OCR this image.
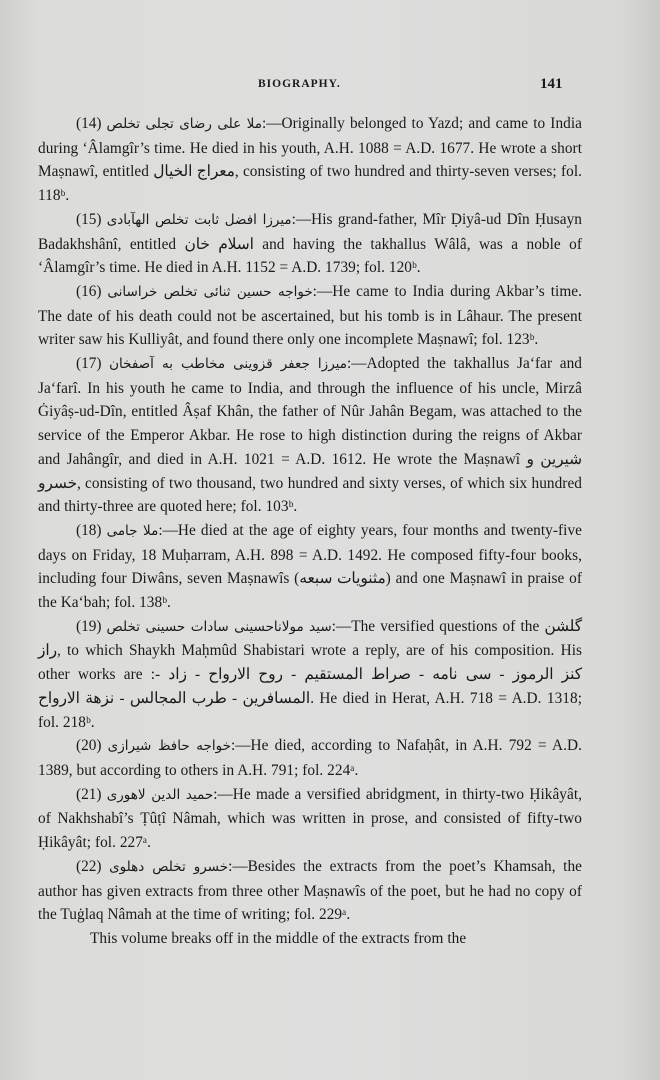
BIOGRAPHY.	141

(14) ملا علی رضای تجلی تخلص:—Originally belonged to Yazd; and came to India during ‘Âlamgîr’s time. He died in his youth, A.H. 1088 = A.D. 1677. He wrote a short Maṣnawî, entitled معراج الخیال, consisting of two hundred and thirty-seven verses; fol. 118ᵇ.

(15) میرزا افضل ثابت تخلص الهآبادی:—His grand-father, Mîr Ḍiyâ-ud Dîn Ḥusayn Badakhshânî, entitled اسلام خان and having the takhallus Wâlâ, was a noble of ‘Âlamgîr’s time. He died in A.H. 1152 = A.D. 1739; fol. 120ᵇ.

(16) خواجه حسین ثنائی تخلص خراسانی:—He came to India during Akbar’s time. The date of his death could not be ascertained, but his tomb is in Lâhaur. The present writer saw his Kulliyât, and found there only one incomplete Maṣnawî; fol. 123ᵇ.

(17) میرزا جعفر قزوینی مخاطب به آصفخان:—Adopted the takhallus Ja‘far and Ja‘farî. In his youth he came to India, and through the influence of his uncle, Mirzâ Ġiyâṣ-ud-Dîn, entitled Âṣaf Khân, the father of Nûr Jahân Begam, was attached to the service of the Emperor Akbar. He rose to high distinction during the reigns of Akbar and Jahângîr, and died in A.H. 1021 = A.D. 1612. He wrote the Maṣnawî شیرین و خسرو, consisting of two thousand, two hundred and sixty verses, of which six hundred and thirty-three are quoted here; fol. 103ᵇ.

(18) ملا جامی:—He died at the age of eighty years, four months and twenty-five days on Friday, 18 Muḥarram, A.H. 898 = A.D. 1492. He composed fifty-four books, including four Diwâns, seven Maṣnawîs (مثنویات سبعه) and one Maṣnawî in praise of the Ka‘bah; fol. 138ᵇ.

(19) سید مولاناحسینی سادات حسینی تخلص:—The versified questions of the گلشن راز, to which Shaykh Maḥmûd Shabistari wrote a reply, are of his composition. His other works are :- کنز الرموز - سی نامه - صراط المستقیم - روح الارواح - زاد المسافرین - طرب المجالس - نزهة الارواح. He died in Herat, A.H. 718 = A.D. 1318; fol. 218ᵇ.

(20) خواجه حافظ شیرازی:—He died, according to Nafaḥât, in A.H. 792 = A.D. 1389, but according to others in A.H. 791; fol. 224ᵃ.

(21) حمید الدین لاهوری:—He made a versified abridgment, in thirty-two Ḥikâyât, of Nakhshabî’s Ṭûṭî Nâmah, which was written in prose, and consisted of fifty-two Ḥikâyât; fol. 227ᵃ.

(22) خسرو تخلص دهلوی:—Besides the extracts from the poet’s Khamsah, the author has given extracts from three other Maṣnawîs of the poet, but he had no copy of the Tuġlaq Nâmah at the time of writing; fol. 229ᵃ.

This volume breaks off in the middle of the extracts from the
